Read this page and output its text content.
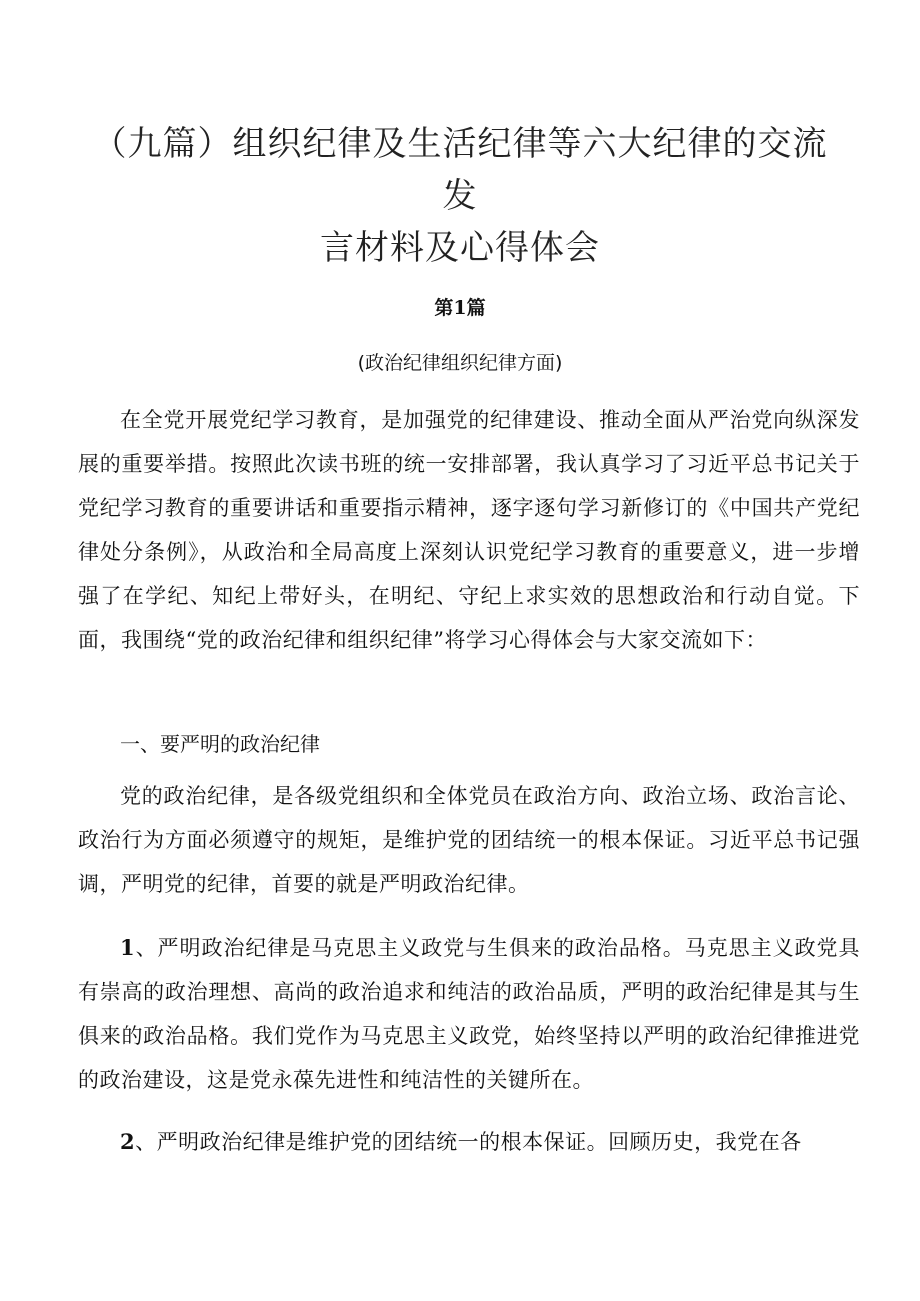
（九篇）组织纪律及生活纪律等六大纪律的交流发
言材料及心得体会
第1篇
(政治纪律组织纪律方面)

在全党开展党纪学习教育，是加强党的纪律建设、推动全面从严治党向纵深发展的重要举措。按照此次读书班的统一安排部署，我认真学习了习近平总书记关于党纪学习教育的重要讲话和重要指示精神，逐字逐句学习新修订的《中国共产党纪律处分条例》，从政治和全局高度上深刻认识党纪学习教育的重要意义，进一步增强了在学纪、知纪上带好头，在明纪、守纪上求实效的思想政治和行动自觉。下面，我围绕“党的政治纪律和组织纪律”将学习心得体会与大家交流如下：

一、要严明的政治纪律

党的政治纪律，是各级党组织和全体党员在政治方向、政治立场、政治言论、政治行为方面必须遵守的规矩，是维护党的团结统一的根本保证。习近平总书记强调，严明党的纪律，首要的就是严明政治纪律。

1、严明政治纪律是马克思主义政党与生俱来的政治品格。马克思主义政党具有崇高的政治理想、高尚的政治追求和纯洁的政治品质，严明的政治纪律是其与生俱来的政治品格。我们党作为马克思主义政党，始终坚持以严明的政治纪律推进党的政治建设，这是党永葆先进性和纯洁性的关键所在。

2、严明政治纪律是维护党的团结统一的根本保证。回顾历史，我党在各
